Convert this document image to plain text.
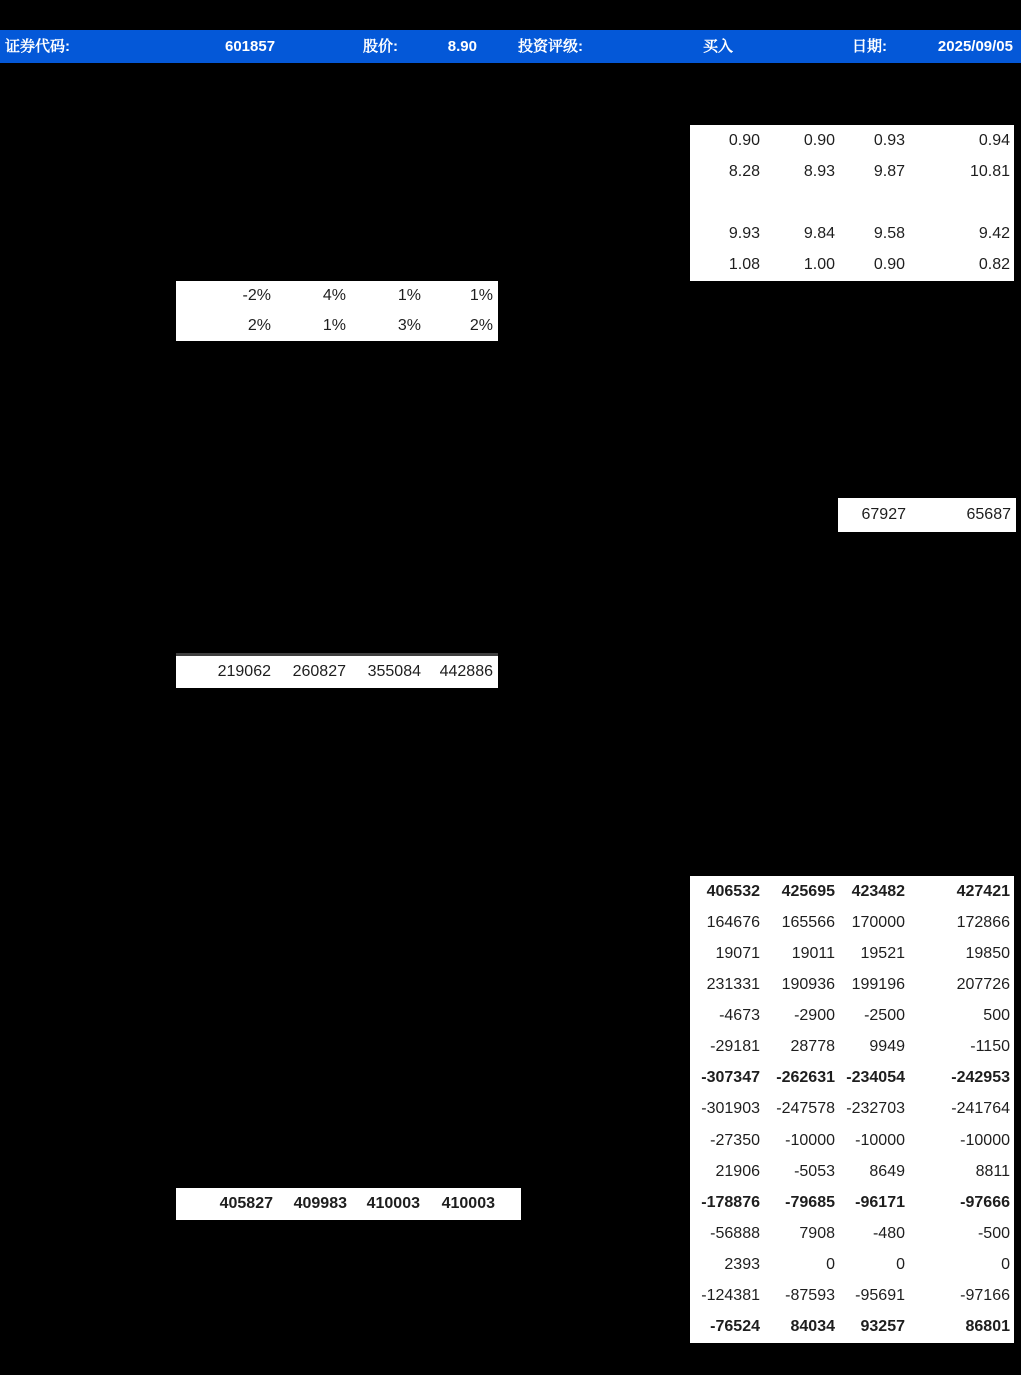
证券代码:	601857	股价:	8.90	投资评级:	买入	日期:	2025/09/05
0.90	0.90	0.93	0.94
8.28	8.93	9.87	10.81
9.93	9.84	9.58	9.42
1.08	1.00	0.90	0.82
-2%	4%	1%	1%
2%	1%	3%	2%
67927	65687
219062	260827	355084	442886
406532	425695	423482	427421
164676	165566	170000	172866
19071	19011	19521	19850
231331	190936	199196	207726
-4673	-2900	-2500	500
-29181	28778	9949	-1150
-307347	-262631 -234054	-242953
-301903	-247578 -232703	-241764
-27350	-10000	-10000	-10000
21906	-5053	8649	8811
-178876	-79685	-96171	-97666
-56888	7908	-480	-500
2393	0	0	0
-124381	-87593	-95691	-97166
-76524	84034	93257	86801
405827	409983	410003	410003
